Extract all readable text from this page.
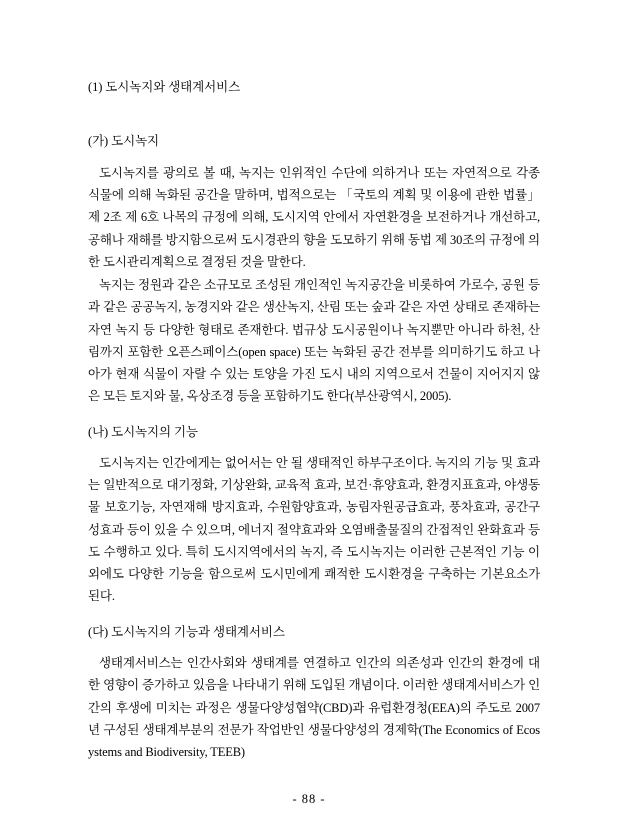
(1) 도시녹지와 생태계서비스
(가) 도시녹지

도시녹지를 광의로 볼 때, 녹지는 인위적인 수단에 의하거나 또는 자연적으로 각종 식물에 의해 녹화된 공간을 말하며, 법적으로는 「국토의 계획 및 이용에 관한 법률」 제 2조 제 6호 나목의 규정에 의해, 도시지역 안에서 자연환경을 보전하거나 개선하고, 공해나 재해를 방지함으로써 도시경관의 향을 도모하기 위해 동법 제 30조의 규정에 의한 도시관리계획으로 결정된 것을 말한다.

녹지는 정원과 같은 소규모로 조성된 개인적인 녹지공간을 비롯하여 가로수, 공원 등과 같은 공공녹지, 농경지와 같은 생산녹지, 산림 또는 숲과 같은 자연 상태로 존재하는 자연 녹지 등 다양한 형태로 존재한다. 법규상 도시공원이나 녹지뿐만 아니라 하천, 산림까지 포함한 오픈스페이스(open space) 또는 녹화된 공간 전부를 의미하기도 하고 나아가 현재 식물이 자랄 수 있는 토양을 가진 도시 내의 지역으로서 건물이 지어지지 않은 모든 토지와 물, 옥상조경 등을 포함하기도 한다(부산광역시, 2005).

(나) 도시녹지의 기능

도시녹지는 인간에게는 없어서는 안 될 생태적인 하부구조이다. 녹지의 기능 및 효과는 일반적으로 대기정화, 기상완화, 교육적 효과, 보건·휴양효과, 환경지표효과, 야생동물 보호기능, 자연재해 방지효과, 수원함양효과, 농림자원공급효과, 풍차효과, 공간구성효과 등이 있을 수 있으며, 에너지 절약효과와 오염배출물질의 간접적인 완화효과 등도 수행하고 있다. 특히 도시지역에서의 녹지, 즉 도시녹지는 이러한 근본적인 기능 이외에도 다양한 기능을 함으로써 도시민에게 쾌적한 도시환경을 구축하는 기본요소가 된다.

(다) 도시녹지의 기능과 생태계서비스

생태계서비스는 인간사회와 생태계를 연결하고 인간의 의존성과 인간의 환경에 대한 영향이 증가하고 있음을 나타내기 위해 도입된 개념이다. 이러한 생태계서비스가 인간의 후생에 미치는 과정은 생물다양성협약(CBD)과 유럽환경청(EEA)의 주도로 2007년 구성된 생태계부분의 전문가 작업반인 생물다양성의 경제학(The Economics of Ecosystems and Biodiversity, TEEB)

- 88 -
